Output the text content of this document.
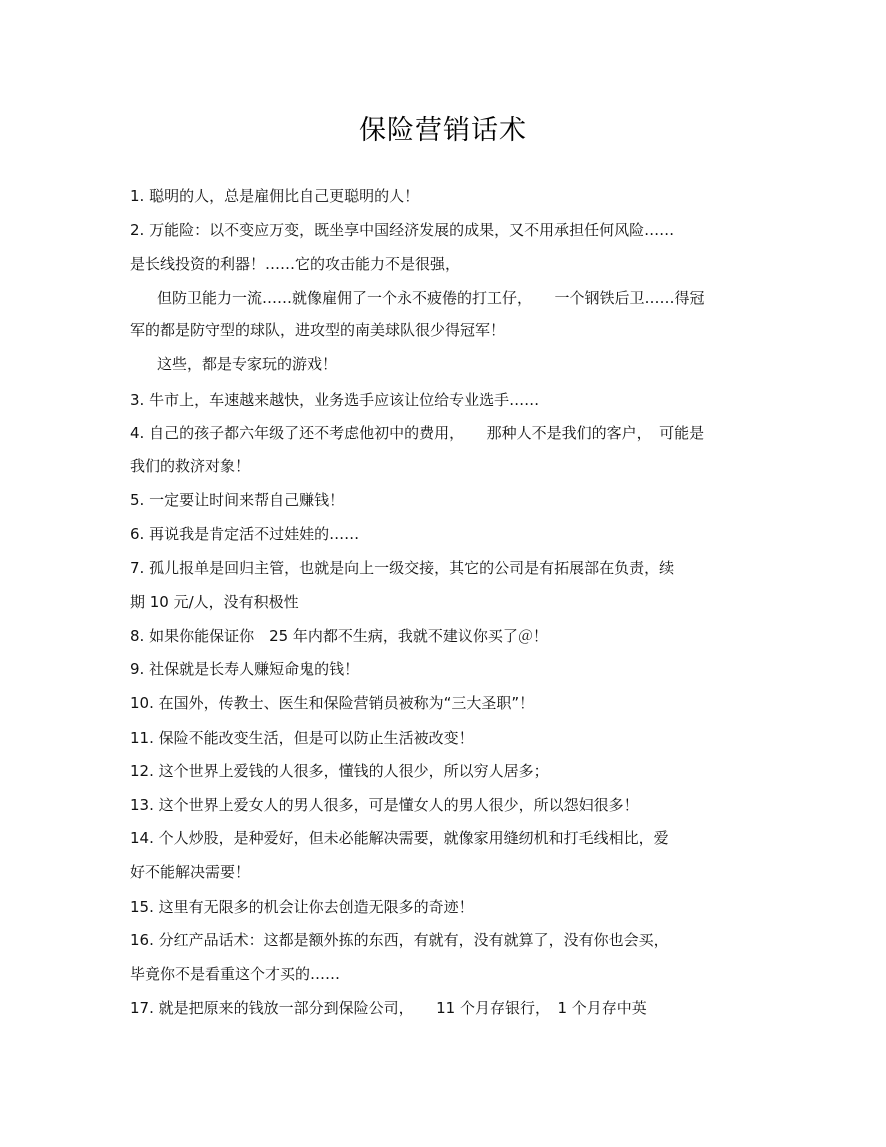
保险营销话术
1. 聪明的人，总是雇佣比自己更聪明的人！
2. 万能险：以不变应万变，既坐享中国经济发展的成果，又不用承担任何风险……
是长线投资的利器！……它的攻击能力不是很强，
但防卫能力一流……就像雇佣了一个永不疲倦的打工仔，　　一个钢铁后卫……得冠
军的都是防守型的球队，进攻型的南美球队很少得冠军！
这些，都是专家玩的游戏！
3. 牛市上，车速越来越快，业务选手应该让位给专业选手……
4. 自己的孩子都六年级了还不考虑他初中的费用，　　那种人不是我们的客户，　可能是
我们的救济对象！
5. 一定要让时间来帮自己赚钱！
6. 再说我是肯定活不过娃娃的……
7. 孤儿报单是回归主管，也就是向上一级交接，其它的公司是有拓展部在负责，续
期 10 元/人，没有积极性
8. 如果你能保证你　25 年内都不生病，我就不建议你买了＠！
9. 社保就是长寿人赚短命鬼的钱！
10. 在国外，传教士、医生和保险营销员被称为“三大圣职”！
11. 保险不能改变生活，但是可以防止生活被改变！
12. 这个世界上爱钱的人很多，懂钱的人很少，所以穷人居多；
13. 这个世界上爱女人的男人很多，可是懂女人的男人很少，所以怨妇很多！
14. 个人炒股，是种爱好，但未必能解决需要，就像家用缝纫机和打毛线相比，爱
好不能解决需要！
15. 这里有无限多的机会让你去创造无限多的奇迹！
16. 分红产品话术：这都是额外拣的东西，有就有，没有就算了，没有你也会买，
毕竟你不是看重这个才买的……
17. 就是把原来的钱放一部分到保险公司，　　11 个月存银行，　1 个月存中英
